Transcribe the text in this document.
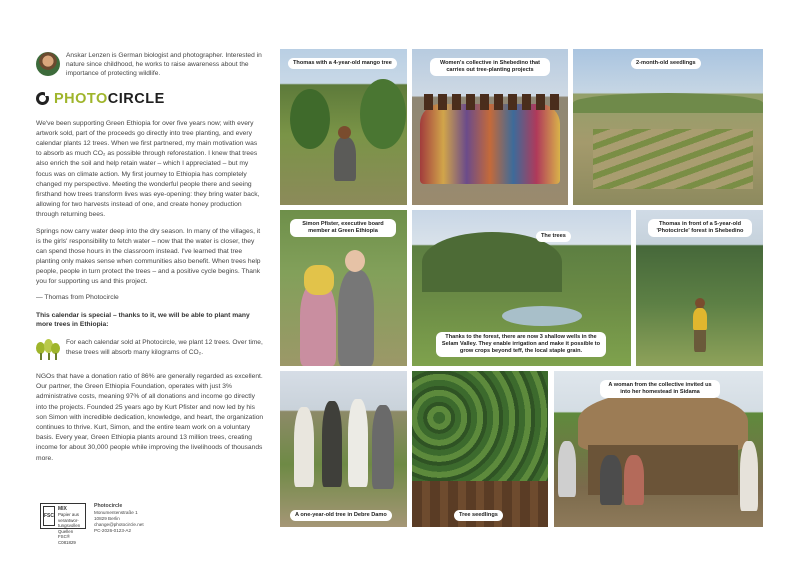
Anskar Lenzen is German biologist and photographer. Interested in nature since childhood, he works to raise awareness about the importance of protecting wildlife.

PHOTO CIRCLE

We've been supporting Green Ethiopia for over five years now; with every artwork sold, part of the proceeds go directly into tree planting, and every calendar plants 12 trees. When we first partnered, my main motivation was to absorb as much CO₂ as possible through reforestation. I knew that trees also enrich the soil and help retain water – which I appreciated – but my focus was on climate action. My first journey to Ethiopia has completely changed my perspective. Meeting the wonderful people there and seeing firsthand how trees transform lives was eye-opening: they bring water back, allowing for two harvests instead of one, and create honey production through returning bees.

Springs now carry water deep into the dry season. In many of the villages, it is the girls' responsibility to fetch water – now that the water is closer, they can spend those hours in the classroom instead. I've learned that tree planting only makes sense when communities also benefit. When trees help people, people in turn protect the trees – and a positive cycle begins. Thank you for supporting us and this project.

— Thomas from Photocircle

This calendar is special – thanks to it, we will be able to plant many more trees in Ethiopia:

For each calendar sold at Photocircle, we plant 12 trees. Over time, these trees will absorb many kilograms of CO₂.

NGOs that have a donation ratio of 86% are generally regarded as excellent. Our partner, the Green Ethiopia Foundation, operates with just 3% administrative costs, meaning 97% of all donations and income go directly into the projects. Founded 25 years ago by Kurt Pfister and now led by his son Simon with incredible dedication, knowledge, and heart, the organization continues to thrive. Kurt, Simon, and the entire team work on a voluntary basis. Every year, Green Ethiopia plants around 13 million trees, creating income for about 30,000 people while improving the livelihoods of thousands more.

FSC
MIX
Papier aus verantwor-tungsvollen Quellen
FSC® C081829
Photocircle
Monumentenstraße 1
10829 Berlin
change@photocircle.net
PC-2026-0123-A2
Thomas with a 4-year-old mango tree	Women's collective in Shebedino that carries out tree-planting projects
2-month-old seedlings
Simon Pfister, executive board member at Green Ethiopia
The trees
Thanks to the forest, there are now 3 shallow wells in the Selam Valley. They enable irrigation and make it possible to grow crops beyond teff, the local staple grain.
Thomas in front of a 5-year-old 'Photocircle' forest in Shebedino
A one-year-old tree in Debre Damo	Tree seedlings
A woman from the collective invited us into her homestead in Sidama
